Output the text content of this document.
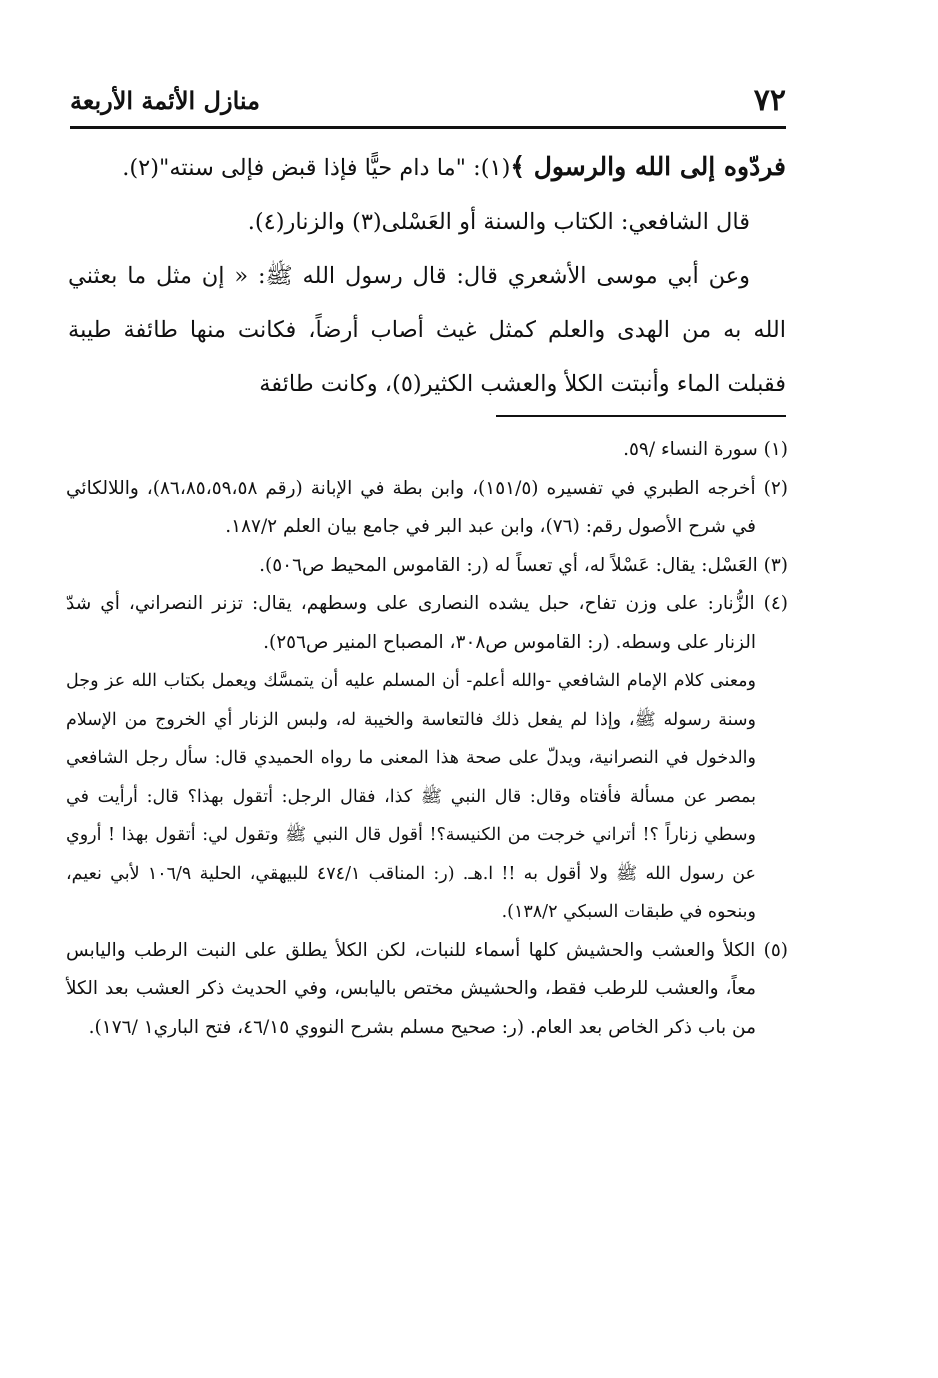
٧٢
منازل الأئمة الأربعة

فردّوه إلى الله والرسول ﴾(١): "ما دام حيًّا فإذا قبض فإلى سنته"(٢).

قال الشافعي: الكتاب والسنة أو العَسْلى(٣) والزنار(٤).

وعن أبي موسى الأشعري قال: قال رسول الله ﷺ: « إن مثل ما بعثني الله به من الهدى والعلم كمثل غيث أصاب أرضاً، فكانت منها طائفة طيبة فقبلت الماء وأنبتت الكلأ والعشب الكثير(٥)، وكانت طائفة

(١) سورة النساء /٥٩.

(٢) أخرجه الطبري في تفسيره (١٥١/٥)، وابن بطة في الإبانة (رقم ٨٦،٨٥،٥٩،٥٨)، واللالكائي في شرح الأصول رقم: (٧٦)، وابن عبد البر في جامع بيان العلم ١٨٧/٢.

(٣) العَسْل: يقال: عَسْلاً له، أي تعساً له (ر: القاموس المحيط ص٥٠٦).

(٤) الزُّنار: على وزن تفاح، حبل يشده النصارى على وسطهم، يقال: تزنر النصراني، أي شدّ الزنار على وسطه. (ر: القاموس ص٣٠٨، المصباح المنير ص٢٥٦).

ومعنى كلام الإمام الشافعي -والله أعلم- أن المسلم عليه أن يتمسَّك ويعمل بكتاب الله عز وجل وسنة رسوله ﷺ، وإذا لم يفعل ذلك فالتعاسة والخيبة له، ولبس الزنار أي الخروج من الإسلام والدخول في النصرانية، ويدلّ على صحة هذا المعنى ما رواه الحميدي قال: سأل رجل الشافعي بمصر عن مسألة فأفتاه وقال: قال النبي ﷺ كذا، فقال الرجل: أتقول بهذا؟ قال: أرأيت في وسطي زناراً ؟! أتراني خرجت من الكنيسة؟! أقول قال النبي ﷺ وتقول لي: أتقول بهذا ! أروي عن رسول الله ﷺ ولا أقول به !! ا.هـ. (ر: المناقب ٤٧٤/١ للبيهقي، الحلية ١٠٦/٩ لأبي نعيم، وبنحوه في طبقات السبكي ١٣٨/٢).

(٥) الكلأ والعشب والحشيش كلها أسماء للنبات، لكن الكلأ يطلق على النبت الرطب واليابس معاً، والعشب للرطب فقط، والحشيش مختص باليابس، وفي الحديث ذكر العشب بعد الكلأ من باب ذكر الخاص بعد العام. (ر: صحيح مسلم بشرح النووي ٤٦/١٥، فتح الباري١ /١٧٦).
